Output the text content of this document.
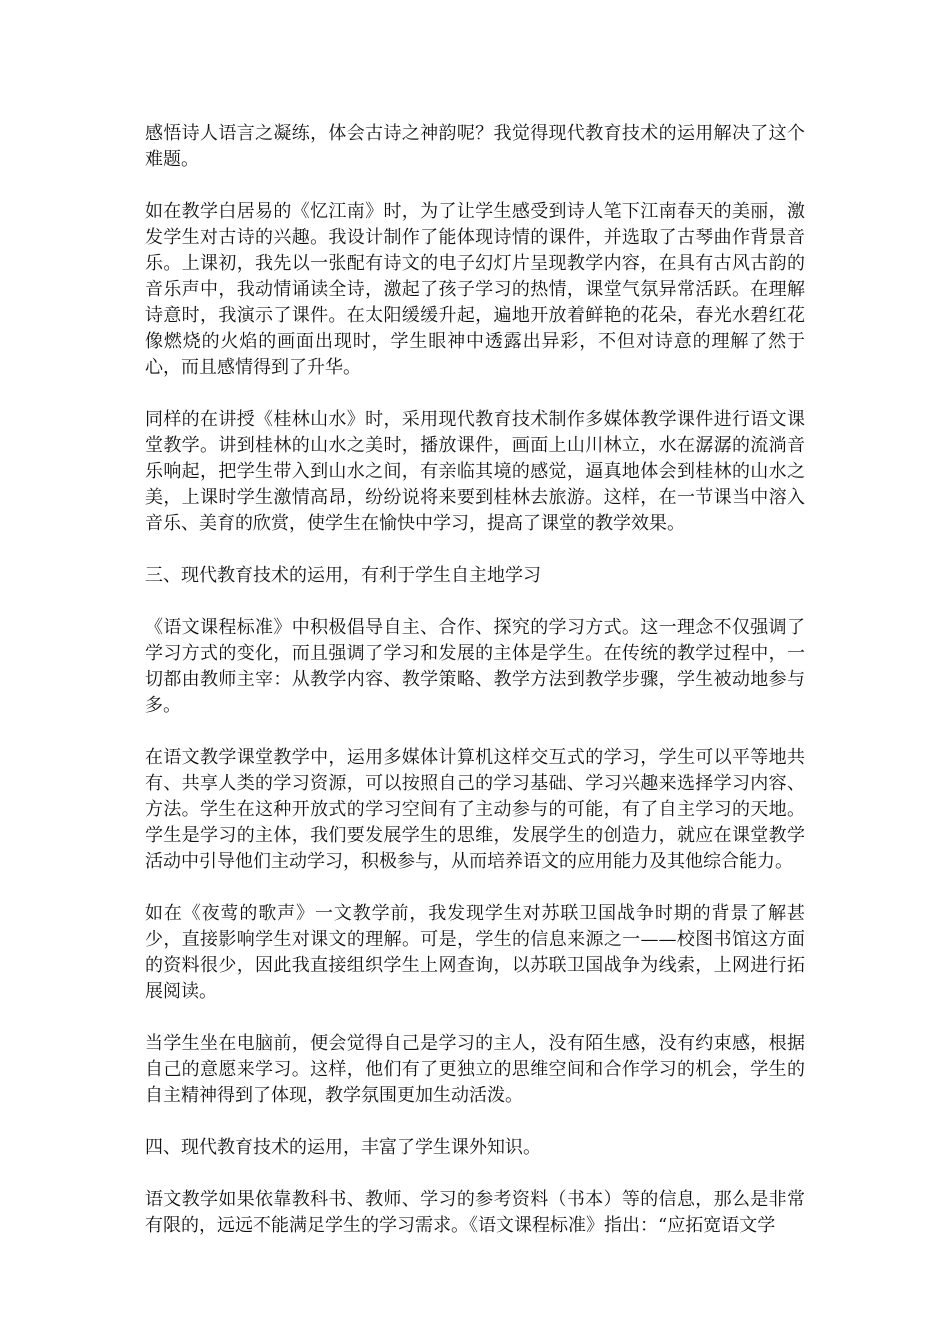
感悟诗人语言之凝练，体会古诗之神韵呢？我觉得现代教育技术的运用解决了这个难题。

如在教学白居易的《忆江南》时，为了让学生感受到诗人笔下江南春天的美丽，激发学生对古诗的兴趣。我设计制作了能体现诗情的课件，并选取了古琴曲作背景音乐。上课初，我先以一张配有诗文的电子幻灯片呈现教学内容，在具有古风古韵的音乐声中，我动情诵读全诗，激起了孩子学习的热情，课堂气氛异常活跃。在理解诗意时，我演示了课件。在太阳缓缓升起，遍地开放着鲜艳的花朵，春光水碧红花像燃烧的火焰的画面出现时，学生眼神中透露出异彩，不但对诗意的理解了然于心，而且感情得到了升华。

同样的在讲授《桂林山水》时，采用现代教育技术制作多媒体教学课件进行语文课堂教学。讲到桂林的山水之美时，播放课件，画面上山川林立，水在潺潺的流淌音乐响起，把学生带入到山水之间，有亲临其境的感觉，逼真地体会到桂林的山水之美，上课时学生激情高昂，纷纷说将来要到桂林去旅游。这样，在一节课当中溶入音乐、美育的欣赏，使学生在愉快中学习，提高了课堂的教学效果。

三、现代教育技术的运用，有利于学生自主地学习

《语文课程标准》中积极倡导自主、合作、探究的学习方式。这一理念不仅强调了学习方式的变化，而且强调了学习和发展的主体是学生。在传统的教学过程中，一切都由教师主宰：从教学内容、教学策略、教学方法到教学步骤，学生被动地参与多。

在语文教学课堂教学中，运用多媒体计算机这样交互式的学习，学生可以平等地共有、共享人类的学习资源，可以按照自己的学习基础、学习兴趣来选择学习内容、方法。学生在这种开放式的学习空间有了主动参与的可能，有了自主学习的天地。学生是学习的主体，我们要发展学生的思维，发展学生的创造力，就应在课堂教学活动中引导他们主动学习，积极参与，从而培养语文的应用能力及其他综合能力。

如在《夜莺的歌声》一文教学前，我发现学生对苏联卫国战争时期的背景了解甚少，直接影响学生对课文的理解。可是，学生的信息来源之一——校图书馆这方面的资料很少，因此我直接组织学生上网查询，以苏联卫国战争为线索，上网进行拓展阅读。

当学生坐在电脑前，便会觉得自己是学习的主人，没有陌生感，没有约束感，根据自己的意愿来学习。这样，他们有了更独立的思维空间和合作学习的机会，学生的自主精神得到了体现，教学氛围更加生动活泼。

四、现代教育技术的运用，丰富了学生课外知识。

语文教学如果依靠教科书、教师、学习的参考资料（书本）等的信息，那么是非常有限的，远远不能满足学生的学习需求。《语文课程标准》指出：“应拓宽语文学
